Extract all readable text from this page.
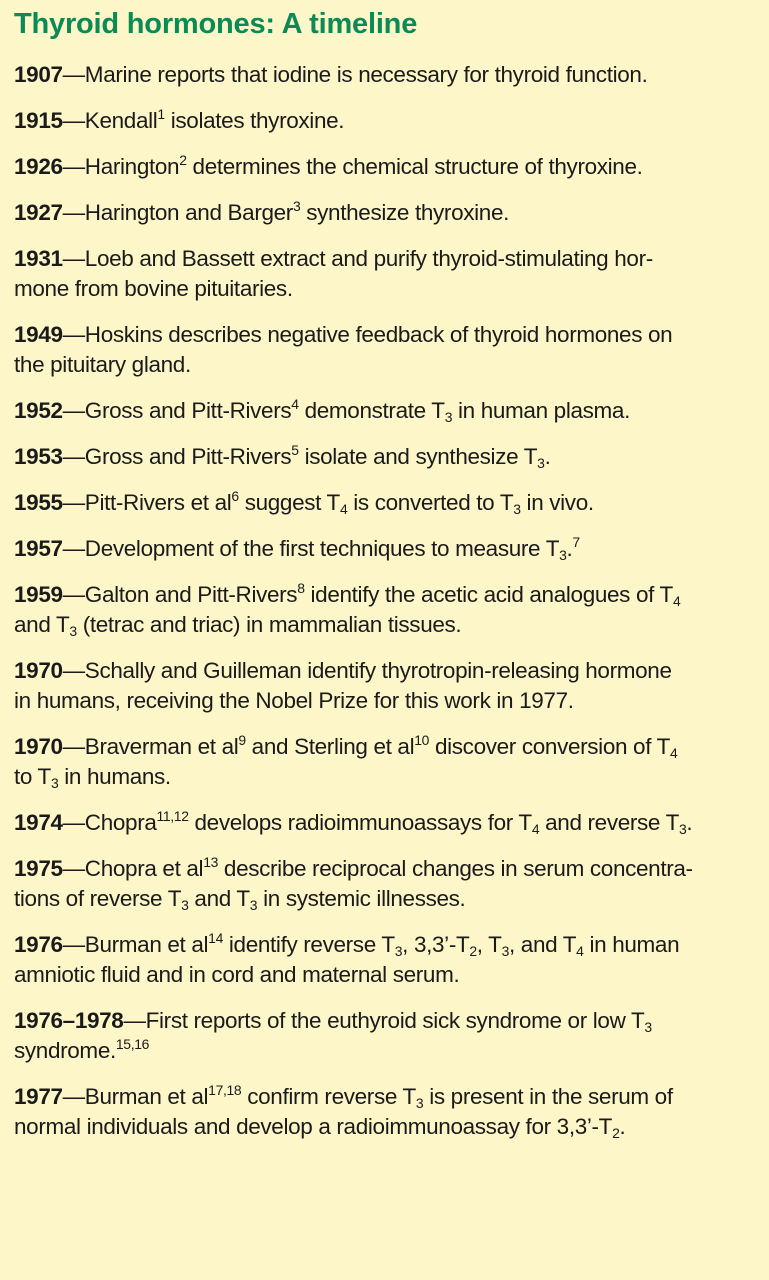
Thyroid hormones: A timeline

1907—Marine reports that iodine is necessary for thyroid function.

1915—Kendall$^1$ isolates thyroxine.

1926—Harington$^2$ determines the chemical structure of thyroxine.

1927—Harington and Barger$^3$ synthesize thyroxine.

1931—Loeb and Bassett extract and purify thyroid-stimulating hor-
mone from bovine pituitaries.

1949—Hoskins describes negative feedback of thyroid hormones on
the pituitary gland.

1952—Gross and Pitt-Rivers$^4$ demonstrate $T_3$ in human plasma.

1953—Gross and Pitt-Rivers$^5$ isolate and synthesize $T_3$.

1955—Pitt-Rivers et $al^6$ suggest $T_4$ is converted to $T_3$ in vivo.

1957—Development of the first techniques to measure $T_3.^7$

1959—Galton and Pitt-Rivers$^8$ identify the acetic acid analogues of $T_4$
and $T_3$ (tetrac and triac) in mammalian tissues.

1970—Schally and Guilleman identify thyrotropin-releasing hormone
in humans, receiving the Nobel Prize for this work in 1977.

1970—Braverman et $al^9$ and Sterling et $al^{10}$ discover conversion of $T_4$
to $T_3$ in humans.

1974—Chopra$^{11,12}$ develops radioimmunoassays for $T_4$ and reverse $T_3$.

1975—Chopra et $al^{13}$ describe reciprocal changes in serum concentra-
tions of reverse $T_3$ and $T_3$ in systemic illnesses.

1976—Burman et $al^{14}$ identify reverse $T_3$, $3,3’-T_2$, $T_3$, and $T_4$ in human
amniotic fluid and in cord and maternal serum.

1976–1978—First reports of the euthyroid sick syndrome or low $T_3$
syndrome.$^{15,16}$

1977—Burman et al$^{17,18}$ confirm reverse $T_3$ is present in the serum of
normal individuals and develop a radioimmunoassay for $3,3’-T_2$.
